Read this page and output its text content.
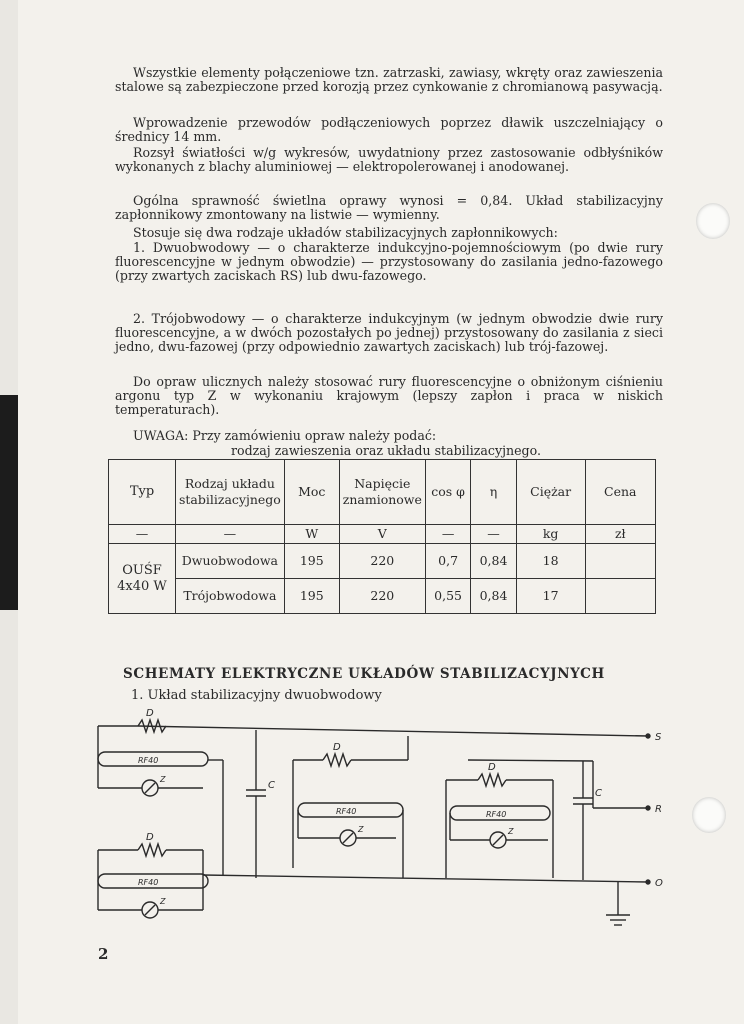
Wszystkie elementy połączeniowe tzn. zatrzaski, zawiasy, wkręty oraz zawieszenia stalowe są zabezpieczone przed korozją przez cynkowanie z chromianową pasywacją.

Wprowadzenie przewodów podłączeniowych poprzez dławik uszczelniający o średnicy 14 mm.

Rozsył światłości w/g wykresów, uwydatniony przez zastosowanie odbłyśników wykonanych z blachy aluminiowej — elektropolerowanej i anodowanej.

Ogólna sprawność świetlna oprawy wynosi = 0,84. Układ stabilizacyjny zapłonnikowy zmontowany na listwie — wymienny.

Stosuje się dwa rodzaje układów stabilizacyjnych zapłonnikowych:

1. Dwuobwodowy — o charakterze indukcyjno-pojemnościowym (po dwie rury fluorescencyjne w jednym obwodzie) — przystosowany do zasilania jedno-fazowego (przy zwartych zaciskach RS) lub dwu-fazowego.

2. Trójobwodowy — o charakterze indukcyjnym (w jednym obwodzie dwie rury fluorescencyjne, a w dwóch pozostałych po jednej) przystosowany do zasilania z sieci jedno, dwu-fazowej (przy odpowiednio zawartych zaciskach) lub trój-fazowej.

Do opraw ulicznych należy stosować rury fluorescencyjne o obniżonym ciśnieniu argonu typ Z w wykonaniu krajowym (lepszy zapłon i praca w niskich temperaturach).

UWAGA: Przy zamówieniu opraw należy podać:
rodzaj zawieszenia oraz układu stabilizacyjnego.
Typ	Rodzaj układu stabilizacyjnego	Moc	Napięcie znamionowe	cos φ	η	Ciężar	Cena
—	—	W	V	—	—	kg	zł
OUŚF
4x40 W	Dwuobwodowa	195	220	0,7	0,84	18	
	Trójobwodowa	195	220	0,55	0,84	17	
SCHEMATY ELEKTRYCZNE UKŁADÓW STABILIZACYJNYCH
1. Układ stabilizacyjny dwuobwodowy
D
RF40
Z
D
RF40
Z
C
D
RF40
Z
D
RF40
Z
C
S
R
O
2
